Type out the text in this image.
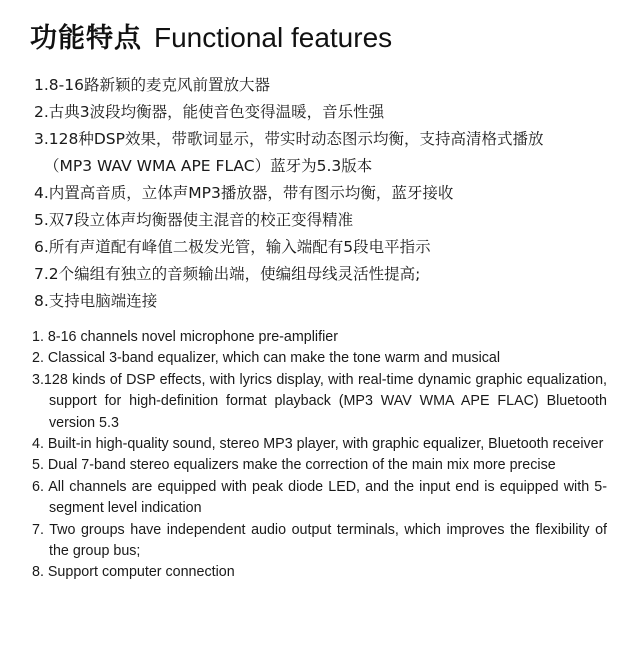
功能特点 Functional features
1.8-16路新颖的麦克风前置放大器
2.古典3波段均衡器，能使音色变得温暖，音乐性强
3.128种DSP效果，带歌词显示，带实时动态图示均衡，支持高清格式播放
（MP3 WAV WMA APE FLAC）蓝牙为5.3版本
4.内置高音质，立体声MP3播放器，带有图示均衡，蓝牙接收
5.双7段立体声均衡器使主混音的校正变得精准
6.所有声道配有峰值二极发光管，输入端配有5段电平指示
7.2个编组有独立的音频输出端，使编组母线灵活性提高;
8.支持电脑端连接
1. 8-16 channels novel microphone pre-amplifier
2. Classical 3-band equalizer, which can make the tone warm and musical
3.128 kinds of DSP effects, with lyrics display, with real-time dynamic graphic equalization, support for high-definition format playback (MP3 WAV WMA APE FLAC) Bluetooth version 5.3
4. Built-in high-quality sound, stereo MP3 player, with graphic equalizer, Bluetooth receiver
5. Dual 7-band stereo equalizers make the correction of the main mix more precise
6. All channels are equipped with peak diode LED, and the input end is equipped with 5-segment level indication
7. Two groups have independent audio output terminals, which improves the flexibility of the group bus;
8. Support computer connection
